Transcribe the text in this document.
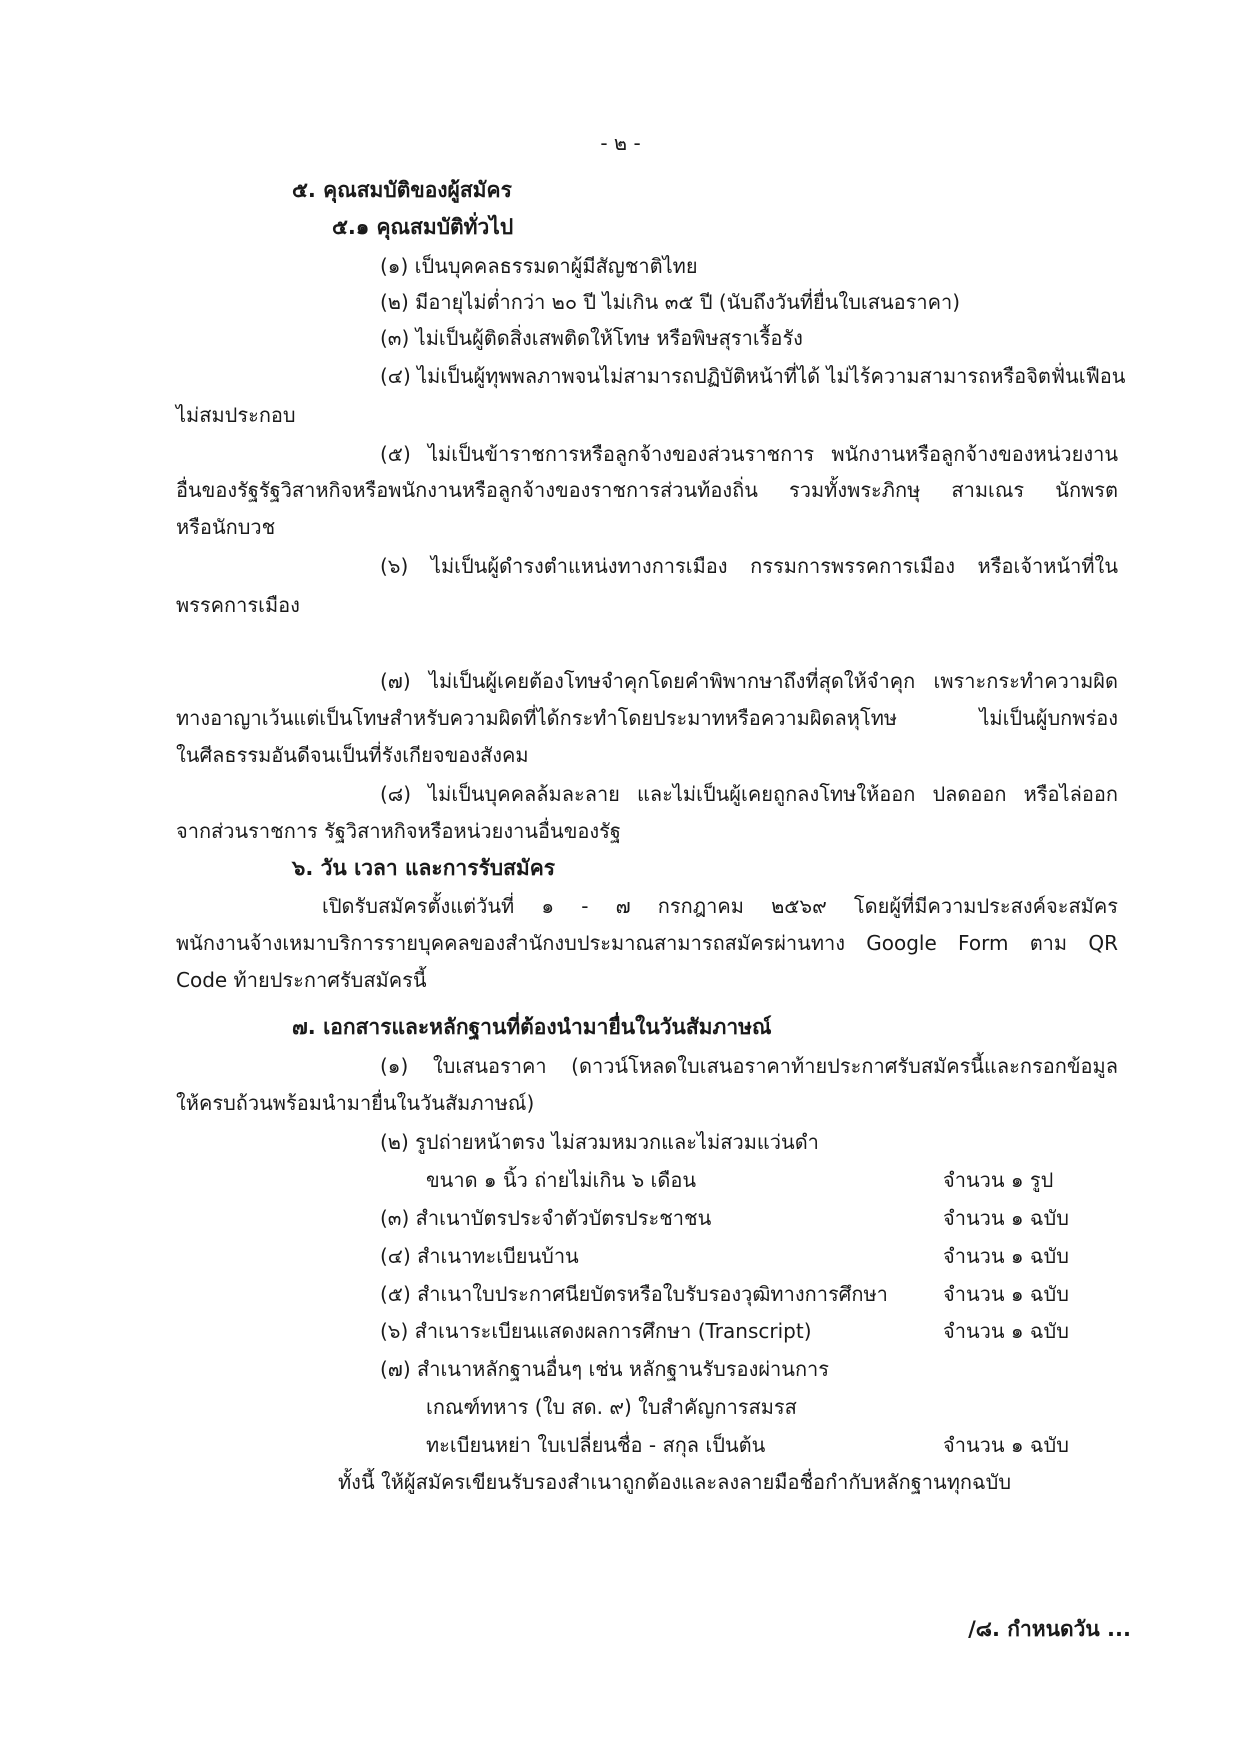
- ๒ -
๕. คุณสมบัติของผู้สมัคร
๕.๑ คุณสมบัติทั่วไป
(๑) เป็นบุคคลธรรมดาผู้มีสัญชาติไทย
(๒) มีอายุไม่ต่ำกว่า ๒๐ ปี ไม่เกิน ๓๕ ปี (นับถึงวันที่ยื่นใบเสนอราคา)
(๓) ไม่เป็นผู้ติดสิ่งเสพติดให้โทษ หรือพิษสุราเรื้อรัง
(๔) ไม่เป็นผู้ทุพพลภาพจนไม่สามารถปฏิบัติหน้าที่ได้ ไม่ไร้ความสามารถหรือจิตฟั่นเฟือน
ไม่สมประกอบ
(๕) ไม่เป็นข้าราชการหรือลูกจ้างของส่วนราชการ พนักงานหรือลูกจ้างของหน่วยงาน
อื่นของรัฐรัฐวิสาหกิจหรือพนักงานหรือลูกจ้างของราชการส่วนท้องถิ่น รวมทั้งพระภิกษุ สามเณร นักพรต
หรือนักบวช
(๖) ไม่เป็นผู้ดำรงตำแหน่งทางการเมือง กรรมการพรรคการเมือง หรือเจ้าหน้าที่ใน
พรรคการเมือง
(๗) ไม่เป็นผู้เคยต้องโทษจำคุกโดยคำพิพากษาถึงที่สุดให้จำคุก เพราะกระทำความผิด
ทางอาญาเว้นแต่เป็นโทษสำหรับความผิดที่ได้กระทำโดยประมาทหรือความผิดลหุโทษ ไม่เป็นผู้บกพร่อง
ในศีลธรรมอันดีจนเป็นที่รังเกียจของสังคม
(๘) ไม่เป็นบุคคลล้มละลาย และไม่เป็นผู้เคยถูกลงโทษให้ออก ปลดออก หรือไล่ออก
จากส่วนราชการ รัฐวิสาหกิจหรือหน่วยงานอื่นของรัฐ
๖. วัน เวลา และการรับสมัคร
เปิดรับสมัครตั้งแต่วันที่ ๑ - ๗ กรกฎาคม ๒๕๖๙ โดยผู้ที่มีความประสงค์จะสมัคร
พนักงานจ้างเหมาบริการรายบุคคลของสำนักงบประมาณสามารถสมัครผ่านทาง Google Form ตาม QR
Code ท้ายประกาศรับสมัครนี้
๗. เอกสารและหลักฐานที่ต้องนำมายื่นในวันสัมภาษณ์
(๑) ใบเสนอราคา (ดาวน์โหลดใบเสนอราคาท้ายประกาศรับสมัครนี้และกรอกข้อมูล
ให้ครบถ้วนพร้อมนำมายื่นในวันสัมภาษณ์)
(๒) รูปถ่ายหน้าตรง ไม่สวมหมวกและไม่สวมแว่นดำ
ขนาด ๑ นิ้ว ถ่ายไม่เกิน ๖ เดือน	จำนวน ๑ รูป
(๓) สำเนาบัตรประจำตัวบัตรประชาชน	จำนวน ๑ ฉบับ
(๔) สำเนาทะเบียนบ้าน	จำนวน ๑ ฉบับ
(๕) สำเนาใบประกาศนียบัตรหรือใบรับรองวุฒิทางการศึกษา	จำนวน ๑ ฉบับ
(๖) สำเนาระเบียนแสดงผลการศึกษา (Transcript)	จำนวน ๑ ฉบับ
(๗) สำเนาหลักฐานอื่นๆ เช่น หลักฐานรับรองผ่านการ
เกณฑ์ทหาร (ใบ สด. ๙) ใบสำคัญการสมรส
ทะเบียนหย่า ใบเปลี่ยนชื่อ - สกุล เป็นต้น	จำนวน ๑ ฉบับ
ทั้งนี้ ให้ผู้สมัครเขียนรับรองสำเนาถูกต้องและลงลายมือชื่อกำกับหลักฐานทุกฉบับ
/๘. กำหนดวัน ...
